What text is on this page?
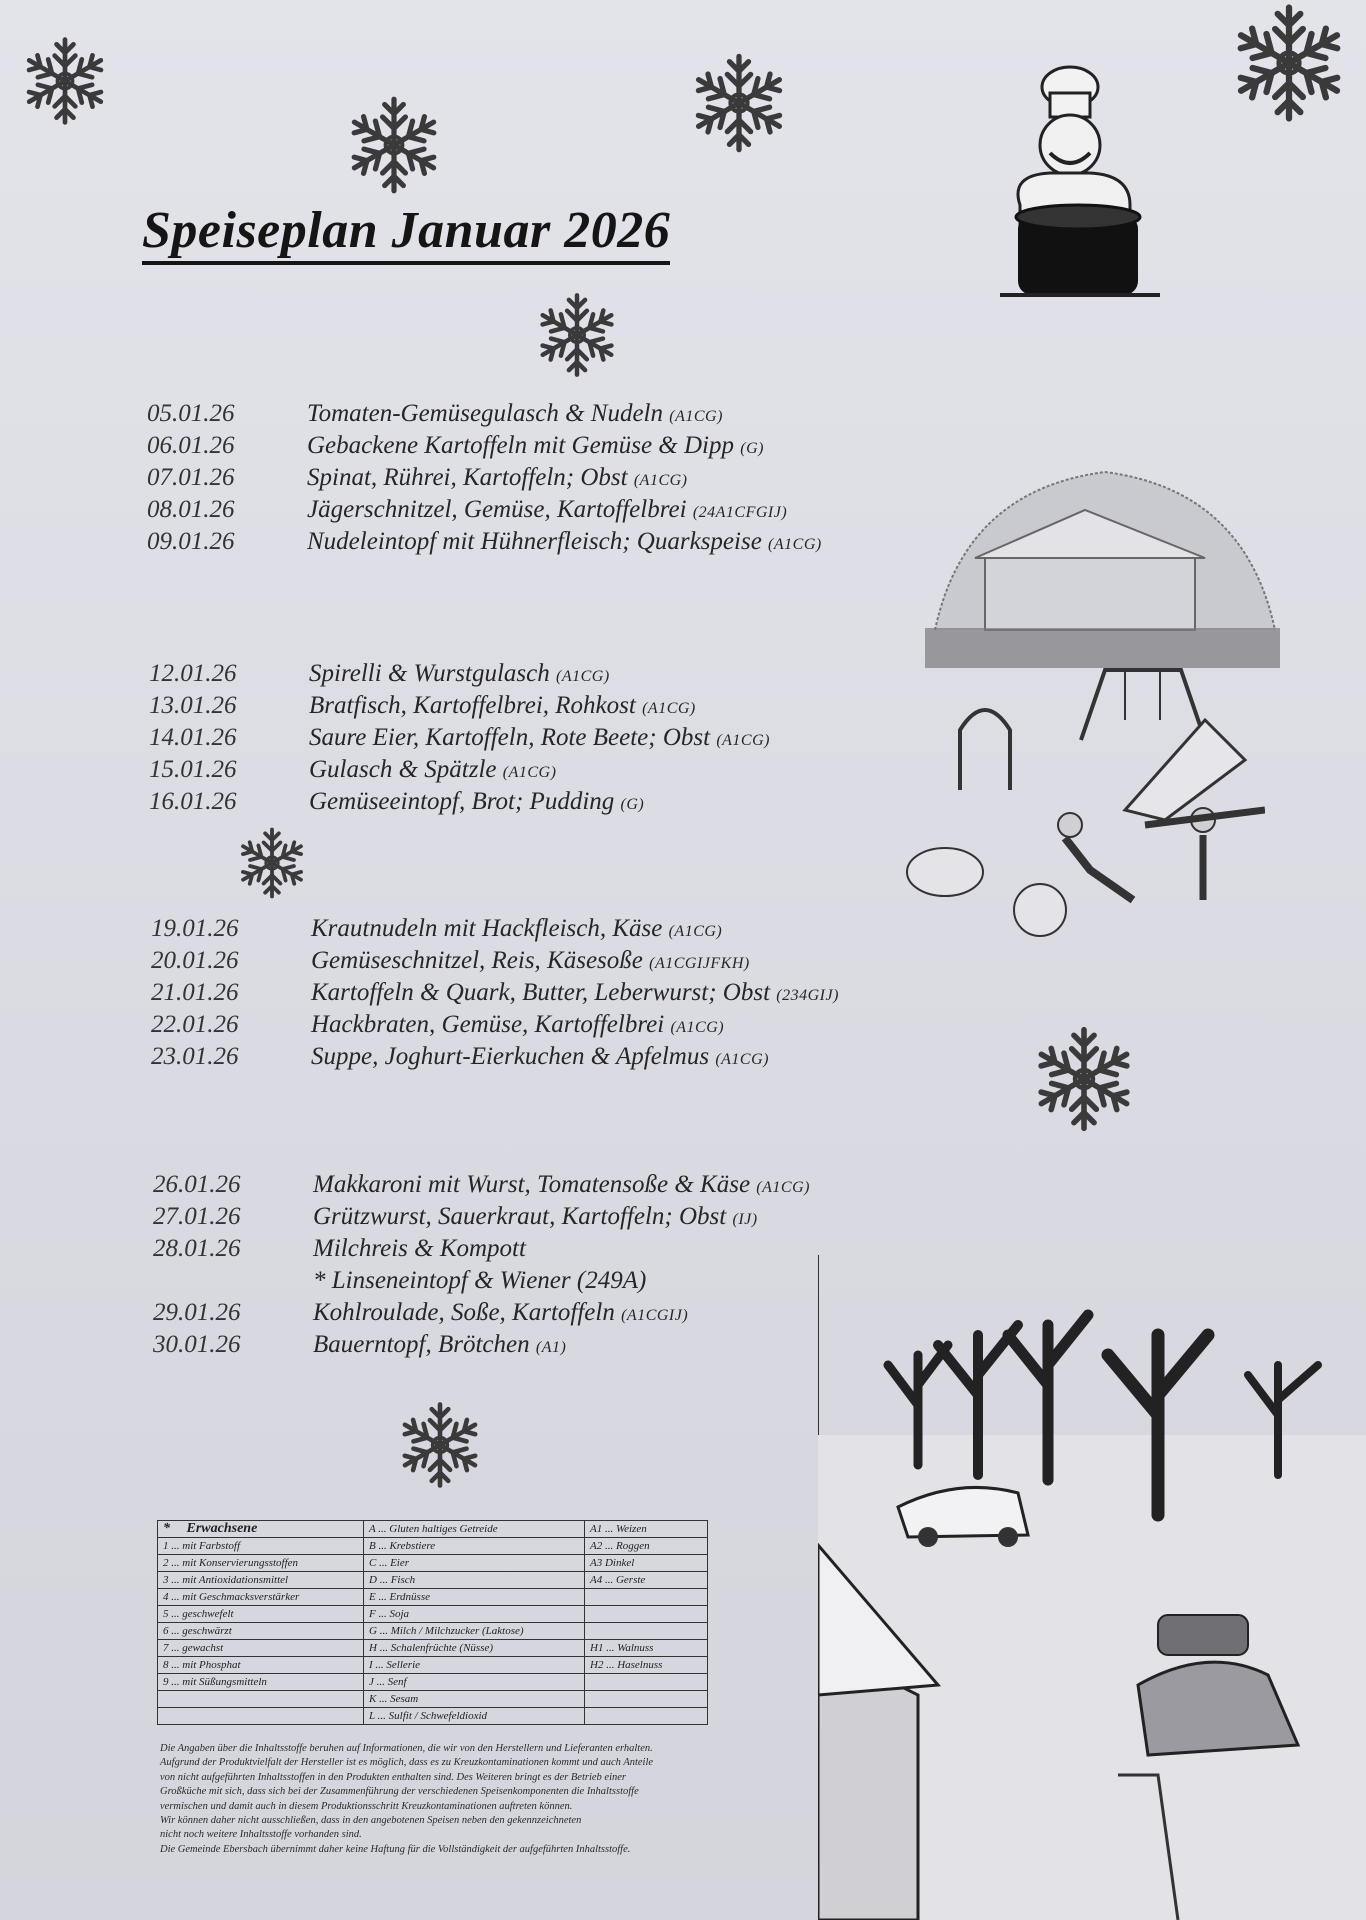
Speiseplan Januar 2026
05.01.26	Tomaten-Gemüsegulasch & Nudeln (A1CG)
06.01.26	Gebackene Kartoffeln mit Gemüse & Dipp (G)
07.01.26	Spinat, Rührei, Kartoffeln; Obst (A1CG)
08.01.26	Jägerschnitzel, Gemüse, Kartoffelbrei (24A1CFGIJ)
09.01.26	Nudeleintopf mit Hühnerfleisch; Quarkspeise (A1CG)
12.01.26	Spirelli & Wurstgulasch (A1CG)
13.01.26	Bratfisch, Kartoffelbrei, Rohkost (A1CG)
14.01.26	Saure Eier, Kartoffeln, Rote Beete; Obst (A1CG)
15.01.26	Gulasch & Spätzle (A1CG)
16.01.26	Gemüseeintopf, Brot; Pudding (G)
19.01.26	Krautnudeln mit Hackfleisch, Käse (A1CG)
20.01.26	Gemüseschnitzel, Reis, Käsesoße (A1CGIJFKH)
21.01.26	Kartoffeln & Quark, Butter, Leberwurst; Obst (234GIJ)
22.01.26	Hackbraten, Gemüse, Kartoffelbrei (A1CG)
23.01.26	Suppe, Joghurt-Eierkuchen & Apfelmus (A1CG)
26.01.26	Makkaroni mit Wurst, Tomatensoße & Käse (A1CG)
27.01.26	Grützwurst, Sauerkraut, Kartoffeln; Obst (IJ)
28.01.26	Milchreis & Kompott
* Linseneintopf & Wiener (249A)
29.01.26	Kohlroulade, Soße, Kartoffeln (A1CGIJ)
30.01.26	Bauerntopf, Brötchen (A1)
* Erwachsene	A ... Gluten haltiges Getreide	A1 ... Weizen
1 ... mit Farbstoff	B ... Krebstiere	A2 ... Roggen
2 ... mit Konservierungsstoffen	C ... Eier	A3 Dinkel
3 ... mit Antioxidationsmittel	D ... Fisch	A4 ... Gerste
4 ... mit Geschmacksverstärker	E ... Erdnüsse	
5 ... geschwefelt	F ... Soja	
6 ... geschwärzt	G ... Milch / Milchzucker (Laktose)	
7 ... gewachst	H ... Schalenfrüchte (Nüsse)	H1 ... Walnuss
8 ... mit Phosphat	I ... Sellerie	H2 ... Haselnuss
9 ... mit Süßungsmitteln	J ... Senf	
	K ... Sesam	
	L ... Sulfit / Schwefeldioxid	
Die Angaben über die Inhaltsstoffe beruhen auf Informationen, die wir von den Herstellern und Lieferanten erhalten.
Aufgrund der Produktvielfalt der Hersteller ist es möglich, dass es zu Kreuzkontaminationen kommt und auch Anteile
von nicht aufgeführten Inhaltsstoffen in den Produkten enthalten sind. Des Weiteren bringt es der Betrieb einer
Großküche mit sich, dass sich bei der Zusammenführung der verschiedenen Speisenkomponenten die Inhaltsstoffe
vermischen und damit auch in diesem Produktionsschritt Kreuzkontaminationen auftreten können.
Wir können daher nicht ausschließen, dass in den angebotenen Speisen neben den gekennzeichneten
nicht noch weitere Inhaltsstoffe vorhanden sind.
Die Gemeinde Ebersbach übernimmt daher keine Haftung für die Vollständigkeit der aufgeführten Inhaltsstoffe.
